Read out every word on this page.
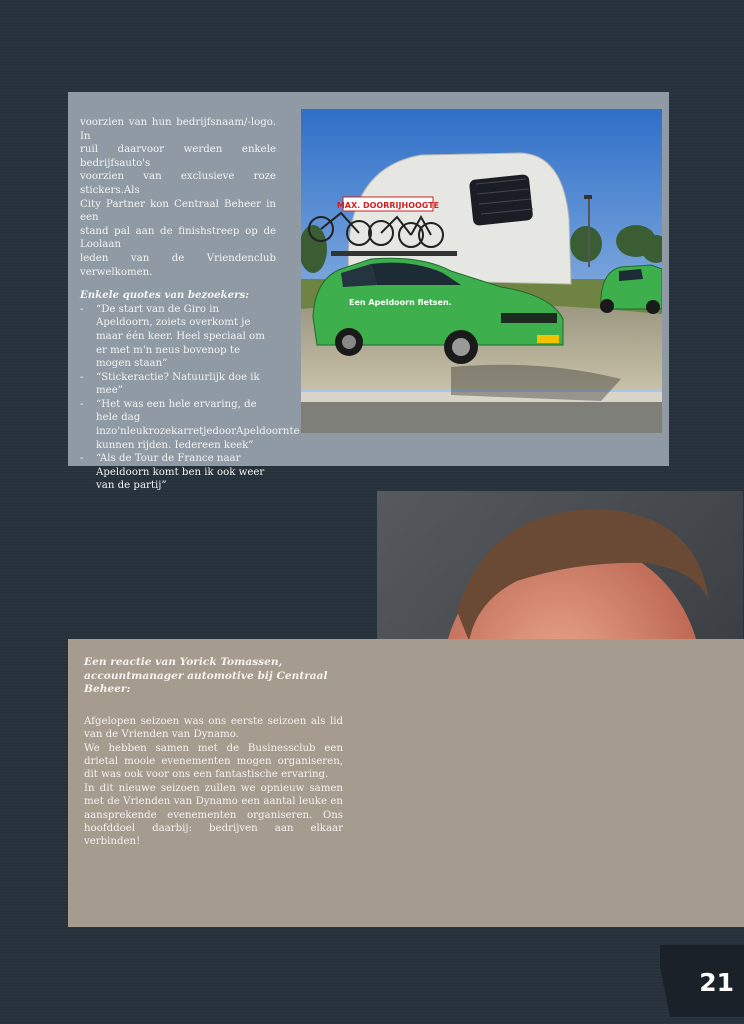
voorzien van hun bedrijfsnaam/-logo. In

ruil daarvoor werden enkele bedrijfsauto's

voorzien van exclusieve roze stickers.Als

City Partner kon Centraal Beheer in een

stand pal aan de finishstreep op de Loolaan

leden van de Vriendenclub verwelkomen.

Enkele quotes van bezoekers:

- “De start van de Giro in Apeldoorn, zoiets overkomt je maar één keer. Heel speciaal om er met m'n neus bovenop te mogen staan”
- “Stickeractie? Natuurlijk doe ik mee”
- “Het was een hele ervaring, de hele dag inzo'nleukrozekarretjedoorApeldoornte kunnen rijden. Iedereen keek”
- “Als de Tour de France naar Apeldoorn komt ben ik ook weer van de partij”
MAX. DOORRIJHOOGTE
Een Apeldoorn fietsen.

Een reactie van Yorick Tomassen, accountmanager automotive bij Centraal Beheer:

Afgelopen seizoen was ons eerste seizoen als lid van de Vrienden van Dynamo.

We hebben samen met de Businessclub een drietal mooie evenementen mogen organiseren, dit was ook voor ons een fantastische ervaring.

In dit nieuwe seizoen zullen we opnieuw samen met de Vrienden van Dynamo een aantal leuke en aansprekende evenementen organiseren. Ons hoofddoel daarbij: bedrijven aan elkaar verbinden!

21
